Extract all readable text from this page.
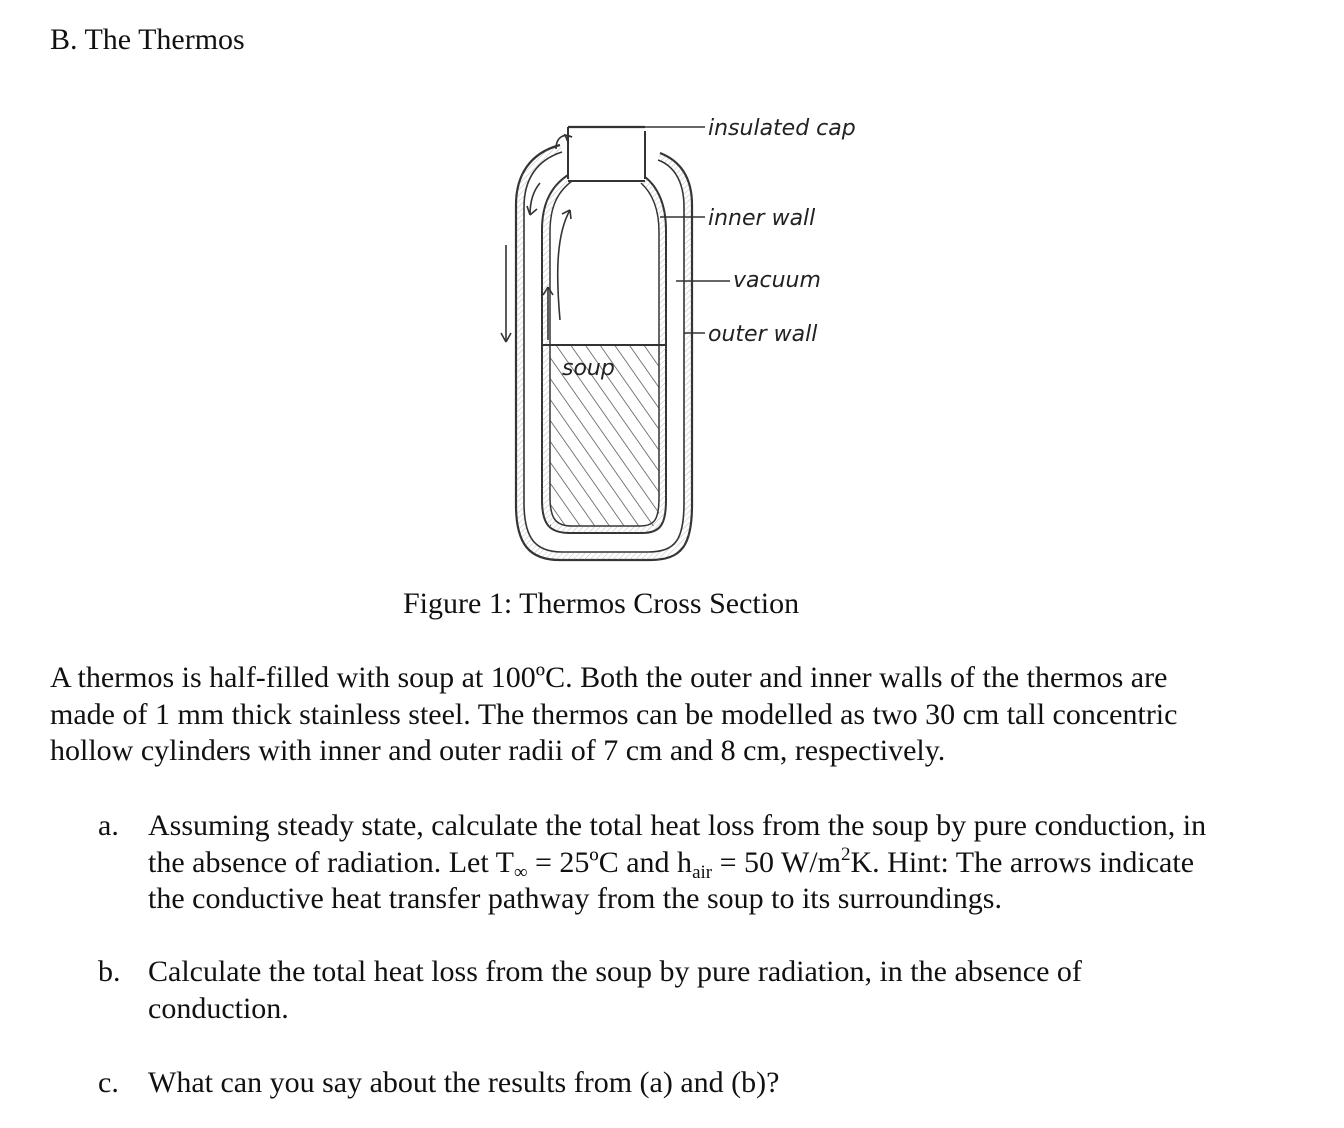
B. The Thermos
soup
insulated cap
inner wall
vacuum
outer wall
Figure 1: Thermos Cross Section

A thermos is half-filled with soup at 100ºC. Both the outer and inner walls of the thermos are
made of 1 mm thick stainless steel. The thermos can be modelled as two 30 cm tall concentric
hollow cylinders with inner and outer radii of 7 cm and 8 cm, respectively.

a. Assuming steady state, calculate the total heat loss from the soup by pure conduction, in
the absence of radiation. Let $T_\infty$ = 25ºC and $h_{air} = 50$ $W/m^2K$. Hint: The arrows indicate
the conductive heat transfer pathway from the soup to its surroundings.
b. Calculate the total heat loss from the soup by pure radiation, in the absence of
conduction.
c. What can you say about the results from (a) and (b)?
